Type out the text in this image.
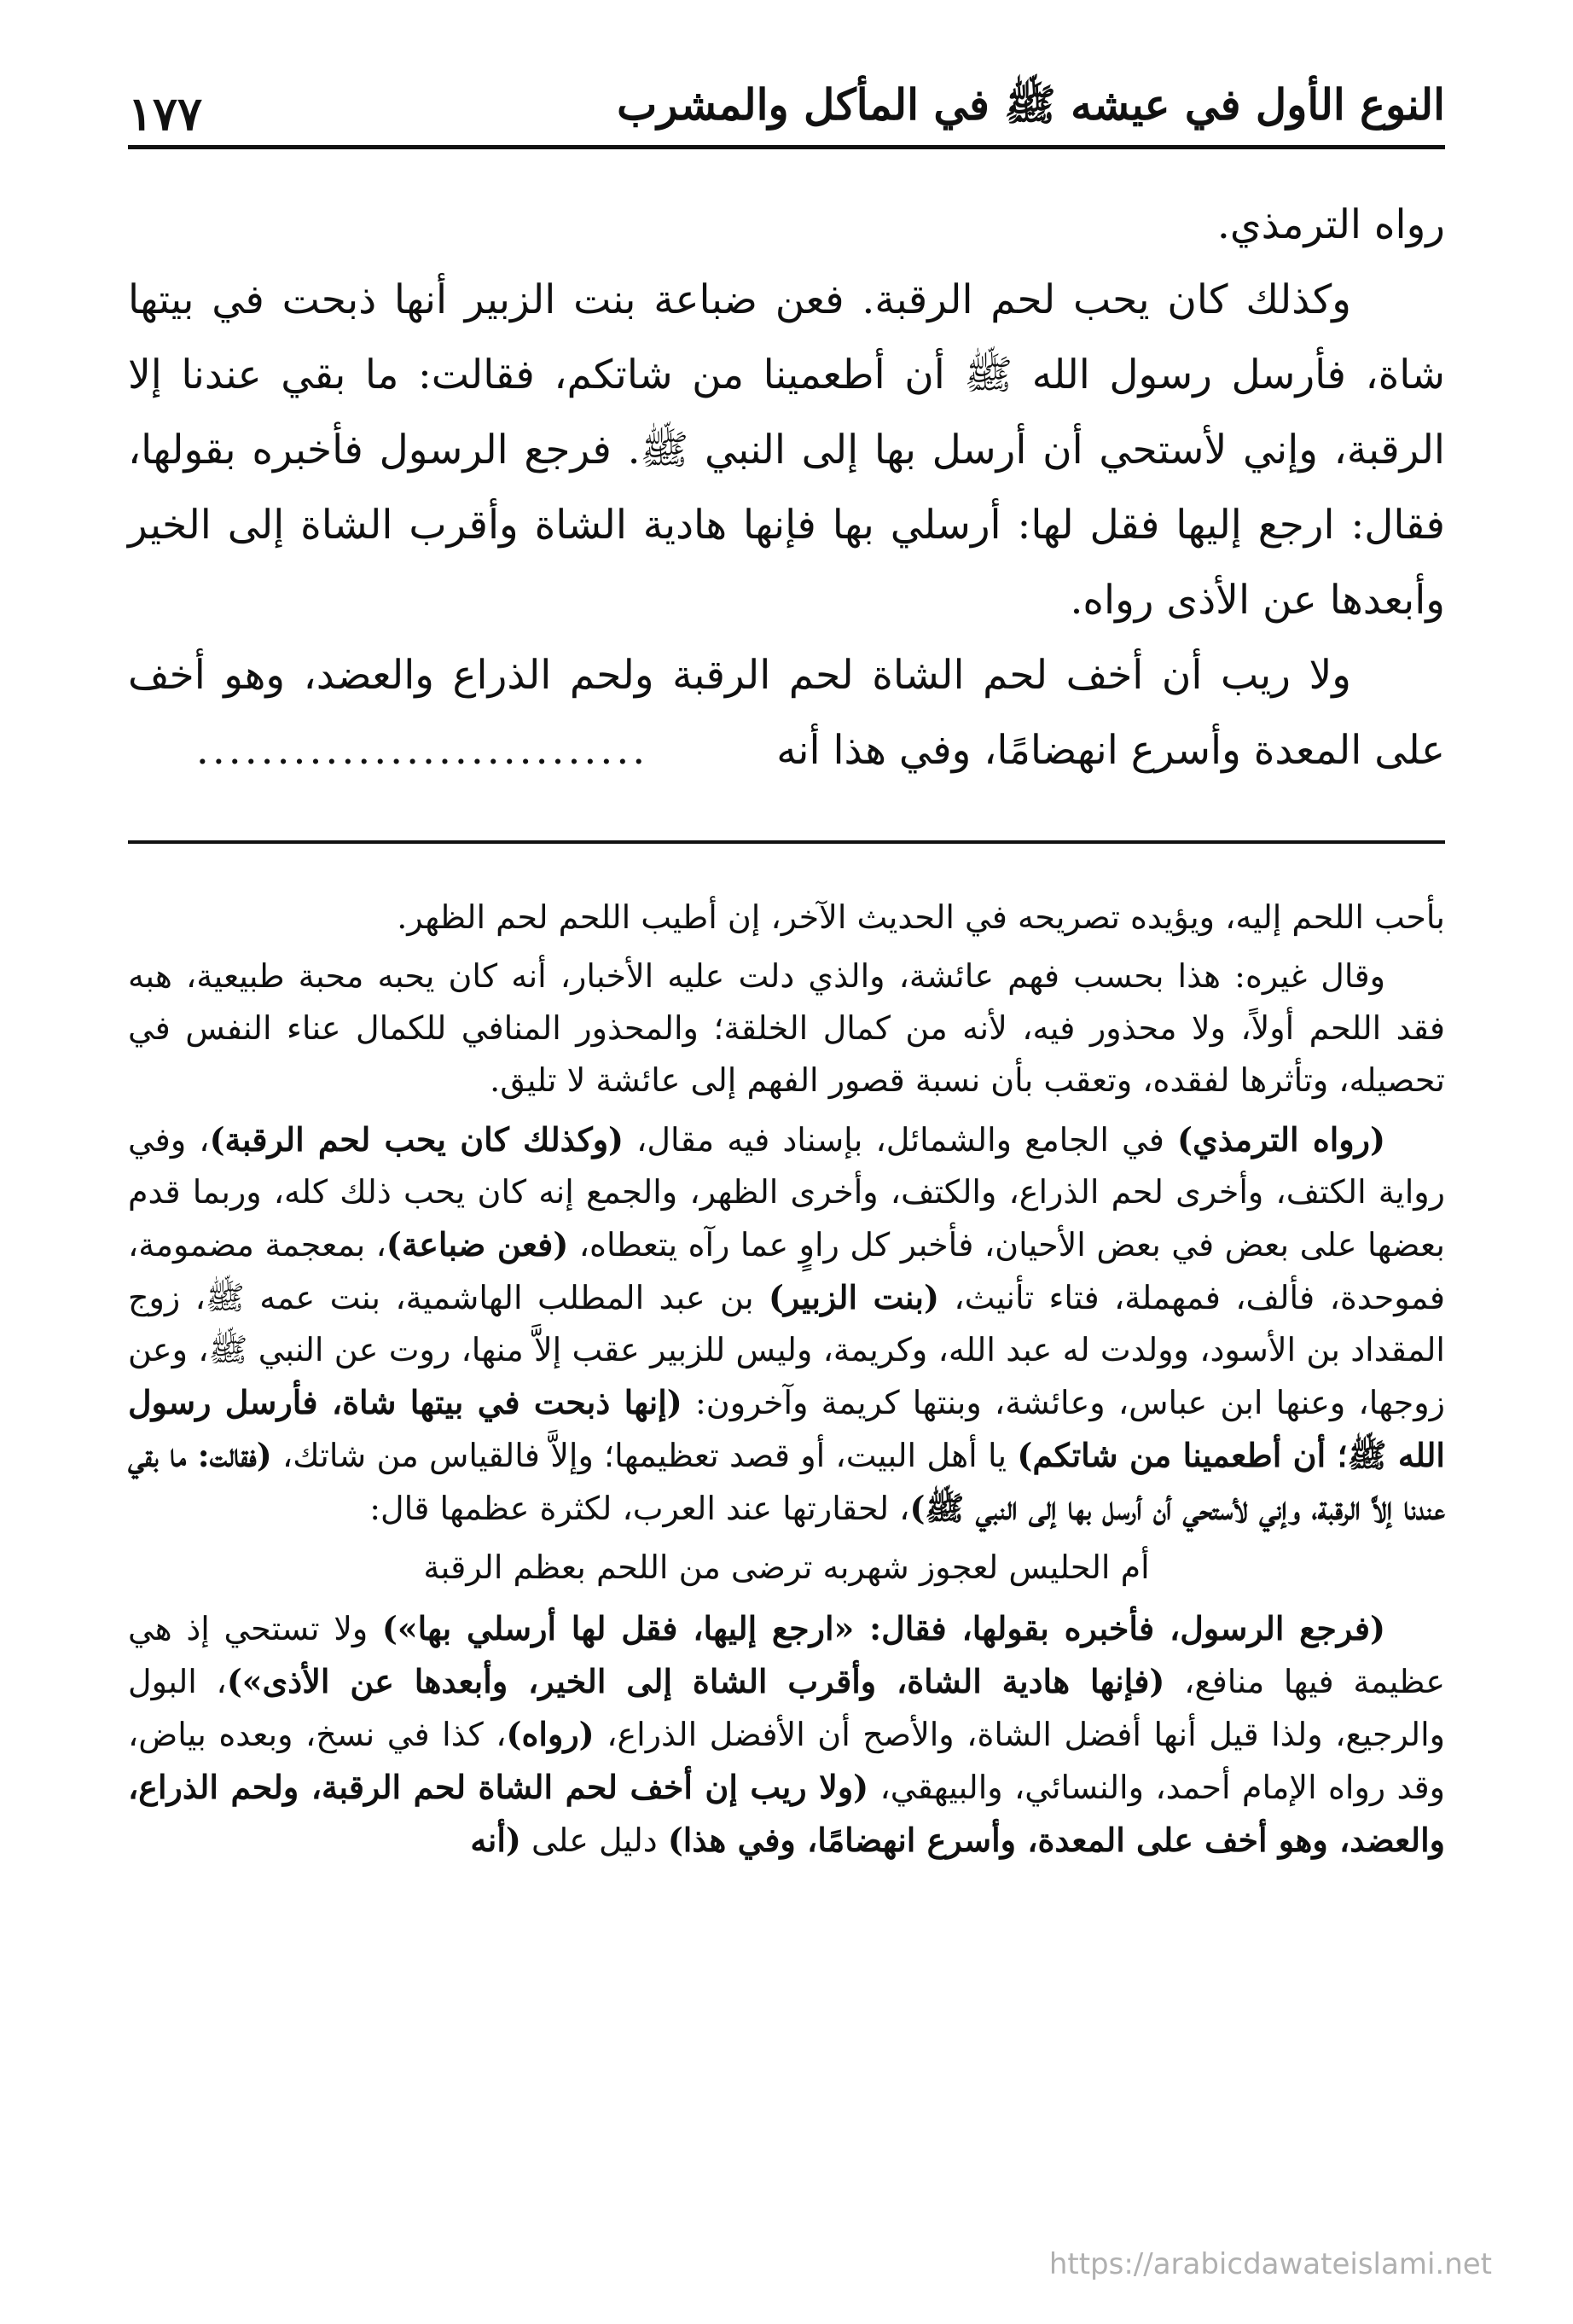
النوع الأول في عيشه ﷺ في المأكل والمشرب
١٧٧

رواه الترمذي.

وكذلك كان يحب لحم الرقبة. فعن ضباعة بنت الزبير أنها ذبحت في بيتها شاة، فأرسل رسول الله ﷺ أن أطعمينا من شاتكم، فقالت: ما بقي عندنا إلا الرقبة، وإني لأستحي أن أرسل بها إلى النبي ﷺ. فرجع الرسول فأخبره بقولها، فقال: ارجع إليها فقل لها: أرسلي بها فإنها هادية الشاة وأقرب الشاة إلى الخير وأبعدها عن الأذى رواه.

ولا ريب أن أخف لحم الشاة لحم الرقبة ولحم الذراع والعضد، وهو أخف على المعدة وأسرع انهضامًا، وفي هذا أنه............................

بأحب اللحم إليه، ويؤيده تصريحه في الحديث الآخر، إن أطيب اللحم لحم الظهر.

وقال غيره: هذا بحسب فهم عائشة، والذي دلت عليه الأخبار، أنه كان يحبه محبة طبيعية، هبه فقد اللحم أولاً، ولا محذور فيه، لأنه من كمال الخلقة؛ والمحذور المنافي للكمال عناء النفس في تحصيله، وتأثرها لفقده، وتعقب بأن نسبة قصور الفهم إلى عائشة لا تليق.

(رواه الترمذي) في الجامع والشمائل، بإسناد فيه مقال، (وكذلك كان يحب لحم الرقبة)، وفي رواية الكتف، وأخرى لحم الذراع، والكتف، وأخرى الظهر، والجمع إنه كان يحب ذلك كله، وربما قدم بعضها على بعض في بعض الأحيان، فأخبر كل راوٍ عما رآه يتعطاه، (فعن ضباعة)، بمعجمة مضمومة، فموحدة، فألف، فمهملة، فتاء تأنيث، (بنت الزبير) بن عبد المطلب الهاشمية، بنت عمه ﷺ، زوج المقداد بن الأسود، وولدت له عبد الله، وكريمة، وليس للزبير عقب إلاَّ منها، روت عن النبي ﷺ، وعن زوجها، وعنها ابن عباس، وعائشة، وبنتها كريمة وآخرون: (إنها ذبحت في بيتها شاة، فأرسل رسول الله ﷺ؛ أن أطعمينا من شاتكم) يا أهل البيت، أو قصد تعظيمها؛ وإلاَّ فالقياس من شاتك، (فقالت: ما بقي عندنا إلاَّ الرقبة، وإني لأستحي أن أرسل بها إلى النبي ﷺ)، لحقارتها عند العرب، لكثرة عظمها قال:

أم الحليس لعجوز شهربه ترضى من اللحم بعظم الرقبة

(فرجع الرسول، فأخبره بقولها، فقال: «ارجع إليها، فقل لها أرسلي بها») ولا تستحي إذ هي عظيمة فيها منافع، (فإنها هادية الشاة، وأقرب الشاة إلى الخير، وأبعدها عن الأذى»)، البول والرجيع، ولذا قيل أنها أفضل الشاة، والأصح أن الأفضل الذراع، (رواه)، كذا في نسخ، وبعده بياض، وقد رواه الإمام أحمد، والنسائي، والبيهقي، (ولا ريب إن أخف لحم الشاة لحم الرقبة، ولحم الذراع، والعضد، وهو أخف على المعدة، وأسرع انهضامًا، وفي هذا) دليل على (أنه

https://arabicdawateislami.net
